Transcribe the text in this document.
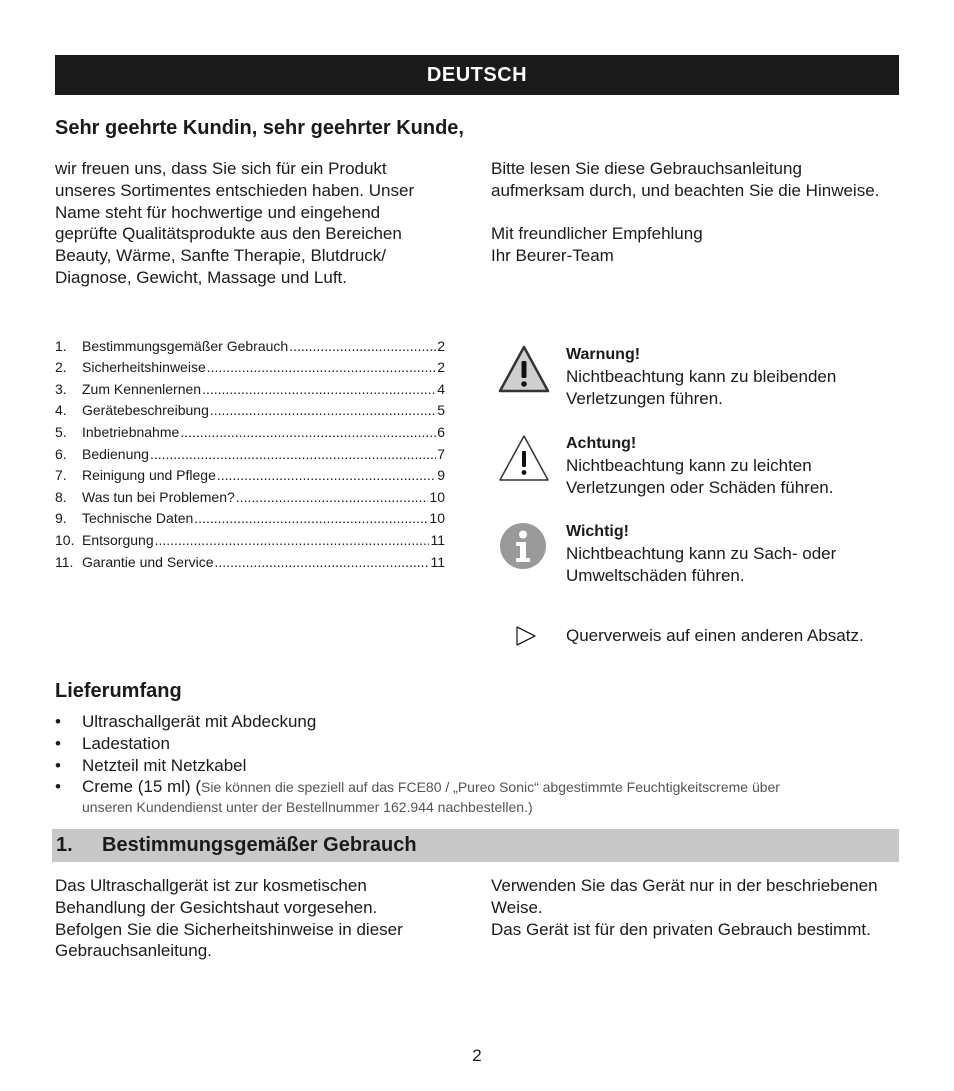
DEUTSCH
Sehr geehrte Kundin, sehr geehrter Kunde,
wir freuen uns, dass Sie sich für ein Produkt
unseres Sortimentes entschieden haben. Unser
Name steht für hochwertige und eingehend
geprüfte Qualitätsprodukte aus den Bereichen
Beauty, Wärme, Sanfte Therapie, Blutdruck/
Diagnose, Gewicht, Massage und Luft.
Bitte lesen Sie diese Gebrauchsanleitung
aufmerksam durch, und beachten Sie die Hinweise.
Mit freundlicher Empfehlung
Ihr Beurer-Team
1.	Bestimmungsgemäßer Gebrauch .....	2
2.	Sicherheitshinweise .....	2
3.	Zum Kennenlernen .....	4
4.	Gerätebeschreibung .....	5
5.	Inbetriebnahme .....	6
6.	Bedienung .....	7
7.	Reinigung und Pflege .....	9
8.	Was tun bei Problemen? .....	10
9.	Technische Daten .....	10
10. Entsorgung .....	11
11. Garantie und Service .....	11
Warnung!
Nichtbeachtung kann zu bleibenden
Verletzungen führen.
Achtung!
Nichtbeachtung kann zu leichten
Verletzungen oder Schäden führen.
Wichtig!
Nichtbeachtung kann zu Sach- oder
Umweltschäden führen.
Querverweis auf einen anderen Absatz.
Lieferumfang
• Ultraschallgerät mit Abdeckung
• Ladestation
• Netzteil mit Netzkabel
• Creme (15 ml) (Sie können die speziell auf das FCE80 / „Pureo Sonic“ abgestimmte Feuchtigkeitscreme über
unseren Kundendienst unter der Bestellnummer 162.944 nachbestellen.)
1.	Bestimmungsgemäßer Gebrauch
Das Ultraschallgerät ist zur kosmetischen
Behandlung der Gesichtshaut vorgesehen.
Befolgen Sie die Sicherheitshinweise in dieser
Gebrauchsanleitung.
Verwenden Sie das Gerät nur in der beschriebenen
Weise.
Das Gerät ist für den privaten Gebrauch bestimmt.
2
